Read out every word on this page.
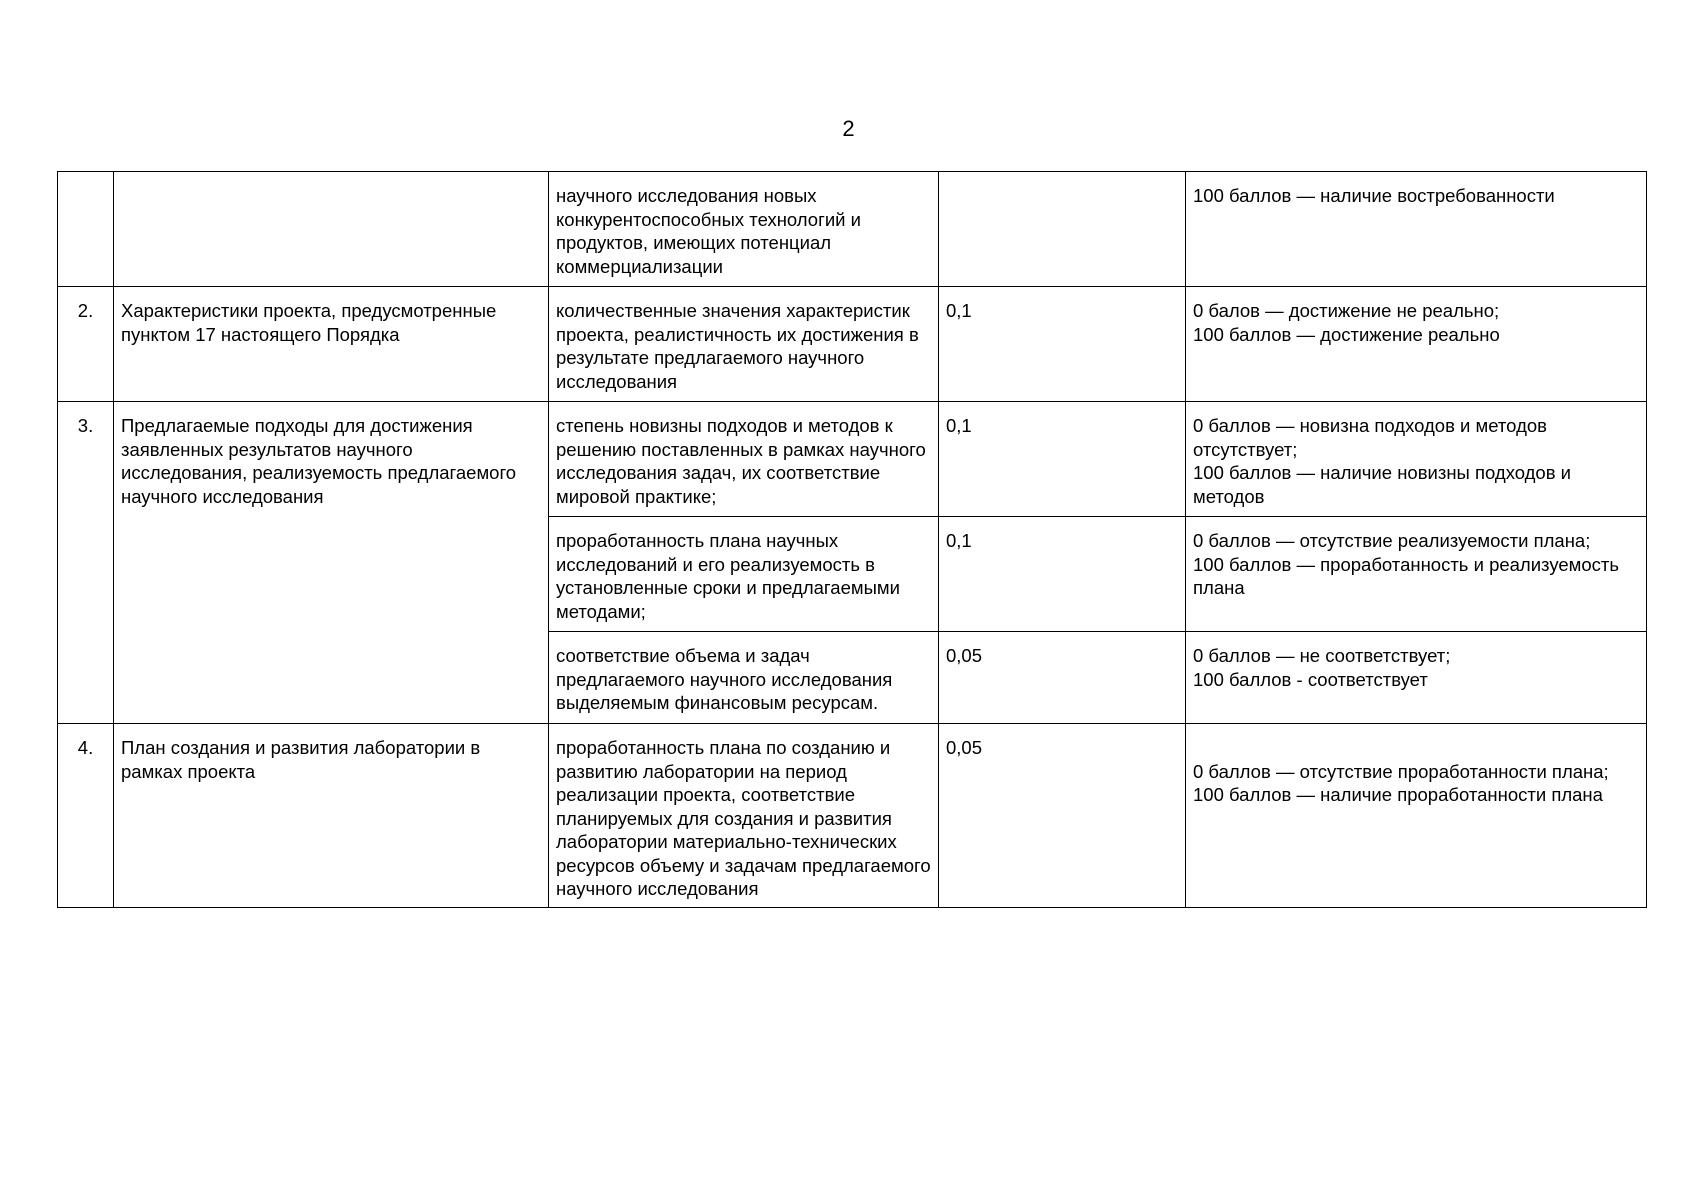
2
		научного исследования новых конкурентоспособных технологий и продуктов, имеющих потенциал коммерциализации		100 баллов — наличие востребованности

2.	Характеристики проекта, предусмотренные пунктом 17 настоящего Порядка	количественные значения характеристик проекта, реалистичность их достижения в результате предлагаемого научного исследования	0,1	0 балов — достижение не реально;
100 баллов — достижение реально

3.	Предлагаемые подходы для достижения заявленных результатов научного исследования, реализуемость предлагаемого научного исследования	степень новизны подходов и методов к решению поставленных в рамках научного исследования задач, их соответствие мировой практике;	0,1	0 баллов — новизна подходов и методов отсутствует;
100 баллов — наличие новизны подходов и методов

		проработанность плана научных исследований и его реализуемость в установленные сроки и предлагаемыми методами;	0,1	0 баллов — отсутствие реализуемости плана;
100 баллов — проработанность и реализуемость плана

		соответствие объема и задач предлагаемого научного исследования выделяемым финансовым ресурсам.	0,05	0 баллов — не соответствует;
100 баллов - соответствует

4.	План создания и развития лаборатории в рамках проекта	проработанность плана по созданию и развитию лаборатории на период реализации проекта, соответствие планируемых для создания и развития лаборатории материально-технических ресурсов объему и задачам предлагаемого научного исследования	0,05	0 баллов — отсутствие проработанности плана;
100 баллов — наличие проработанности плана
